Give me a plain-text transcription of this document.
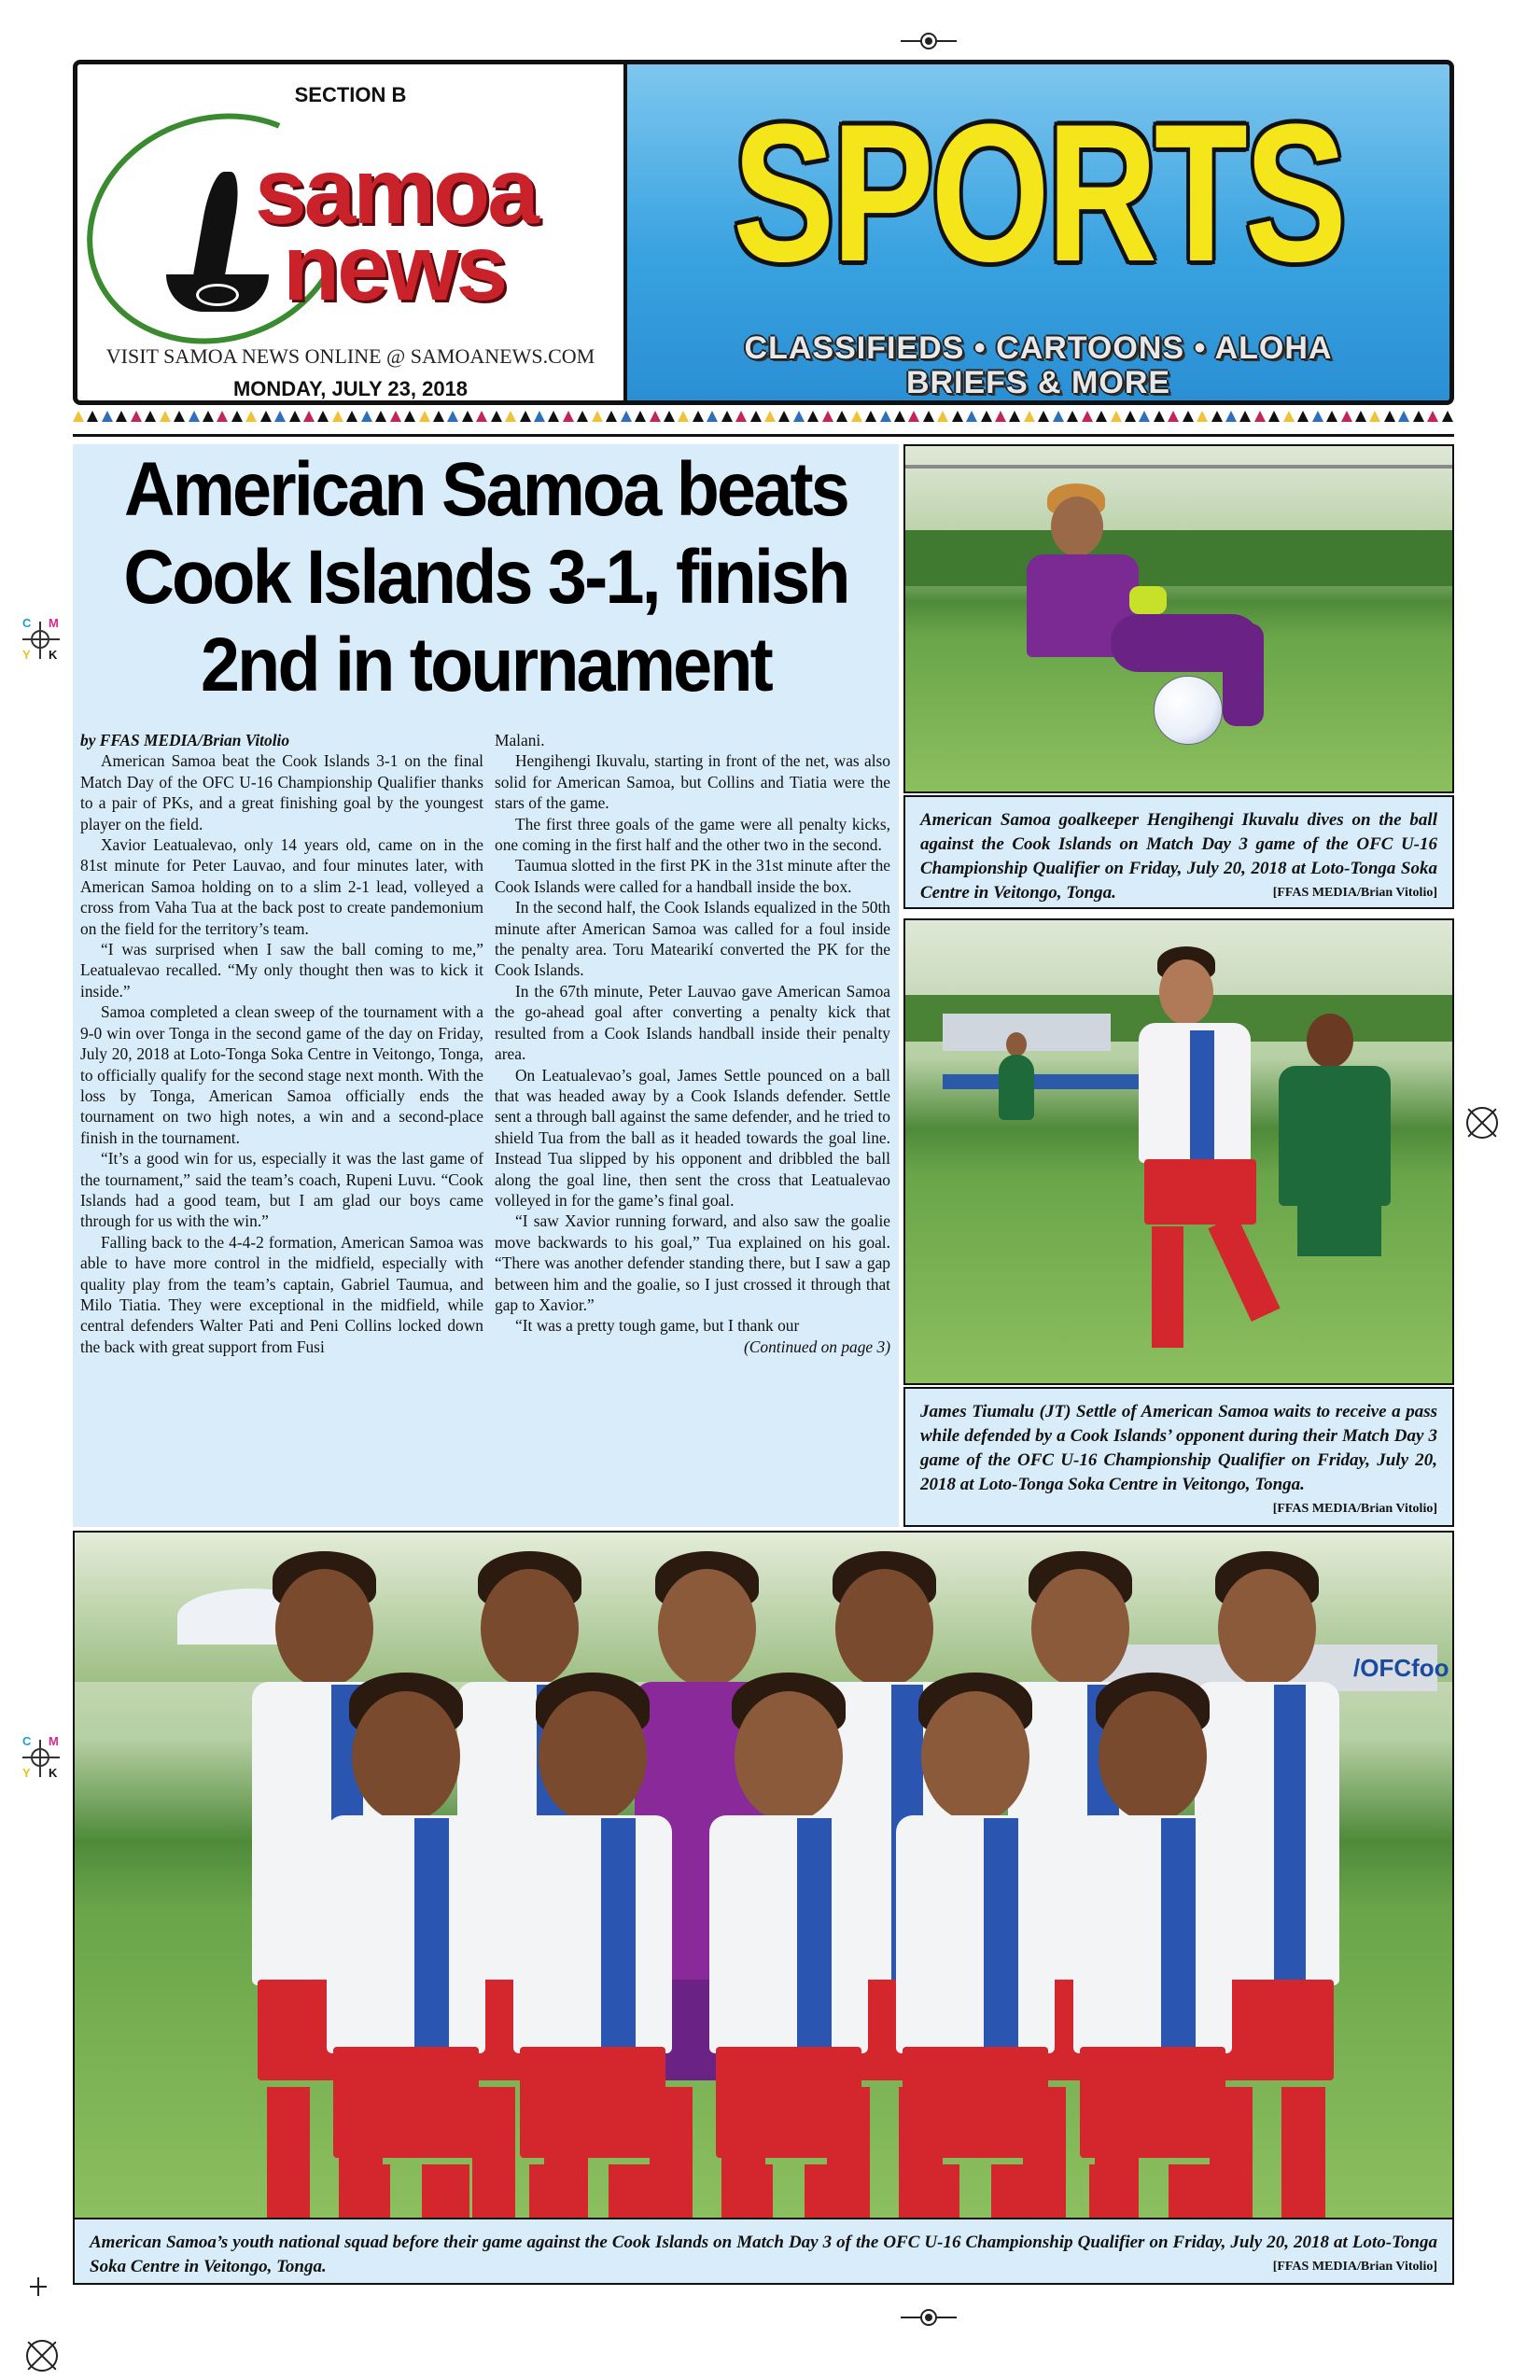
C M
Y K
C M
Y K
SECTION B
samoa
news
VISIT SAMOA NEWS ONLINE @ SAMOANEWS.COM
MONDAY, JULY 23, 2018
SPORTS
CLASSIFIEDS • CARTOONS • ALOHA
BRIEFS & MORE
American Samoa beats
Cook Islands 3-1, finish
2nd in tournament

by FFAS MEDIA/Brian Vitolio

American Samoa beat the Cook Islands 3-1 on the final Match Day of the OFC U-16 Championship Qualifier thanks to a pair of PKs, and a great finishing goal by the youngest player on the field.

Xavior Leatualevao, only 14 years old, came on in the 81st minute for Peter Lauvao, and four minutes later, with American Samoa holding on to a slim 2-1 lead, volleyed a cross from Vaha Tua at the back post to create pandemonium on the field for the territory’s team.

“I was surprised when I saw the ball coming to me,” Leatualevao recalled. “My only thought then was to kick it inside.”

Samoa completed a clean sweep of the tournament with a 9-0 win over Tonga in the second game of the day on Friday, July 20, 2018 at Loto-Tonga Soka Centre in Veitongo, Tonga, to officially qualify for the second stage next month. With the loss by Tonga, American Samoa officially ends the tournament on two high notes, a win and a second-place finish in the tournament.

“It’s a good win for us, especially it was the last game of the tournament,” said the team’s coach, Rupeni Luvu. “Cook Islands had a good team, but I am glad our boys came through for us with the win.”

Falling back to the 4-4-2 formation, American Samoa was able to have more control in the midfield, especially with quality play from the team’s captain, Gabriel Taumua, and Milo Tiatia. They were exceptional in the midfield, while central defenders Walter Pati and Peni Collins locked down the back with great support from Fusi

Malani.

Hengihengi Ikuvalu, starting in front of the net, was also solid for American Samoa, but Collins and Tiatia were the stars of the game.

The first three goals of the game were all penalty kicks, one coming in the first half and the other two in the second.

Taumua slotted in the first PK in the 31st minute after the Cook Islands were called for a handball inside the box.

In the second half, the Cook Islands equalized in the 50th minute after American Samoa was called for a foul inside the penalty area. Toru Matearikí converted the PK for the Cook Islands.

In the 67th minute, Peter Lauvao gave American Samoa the go-ahead goal after converting a penalty kick that resulted from a Cook Islands handball inside their penalty area.

On Leatualevao’s goal, James Settle pounced on a ball that was headed away by a Cook Islands defender. Settle sent a through ball against the same defender, and he tried to shield Tua from the ball as it headed towards the goal line. Instead Tua slipped by his opponent and dribbled the ball along the goal line, then sent the cross that Leatualevao volleyed in for the game’s final goal.

“I saw Xavior running forward, and also saw the goalie move backwards to his goal,” Tua explained on his goal. “There was another defender standing there, but I saw a gap between him and the goalie, so I just crossed it through that gap to Xavior.”

“It was a pretty tough game, but I thank our

(Continued on page 3)

American Samoa goalkeeper Hengihengi Ikuvalu dives on the ball against the Cook Islands on Match Day 3 game of the OFC U-16 Championship Qualifier on Friday, July 20, 2018 at Loto-Tonga Soka Centre in Veitongo, Tonga.	[FFAS MEDIA/Brian Vitolio]
James Tiumalu (JT) Settle of American Samoa waits to receive a pass while defended by a Cook Islands’ opponent during their Match Day 3 game of the OFC U-16 Championship Qualifier on Friday, July 20, 2018 at Loto-Tonga Soka Centre in Veitongo, Tonga.
[FFAS MEDIA/Brian Vitolio]
/OFCfoo
American Samoa’s youth national squad before their game against the Cook Islands on Match Day 3 of the OFC U-16 Championship Qualifier on Friday, July 20, 2018 at Loto-Tonga Soka Centre in Veitongo, Tonga.	[FFAS MEDIA/Brian Vitolio]
